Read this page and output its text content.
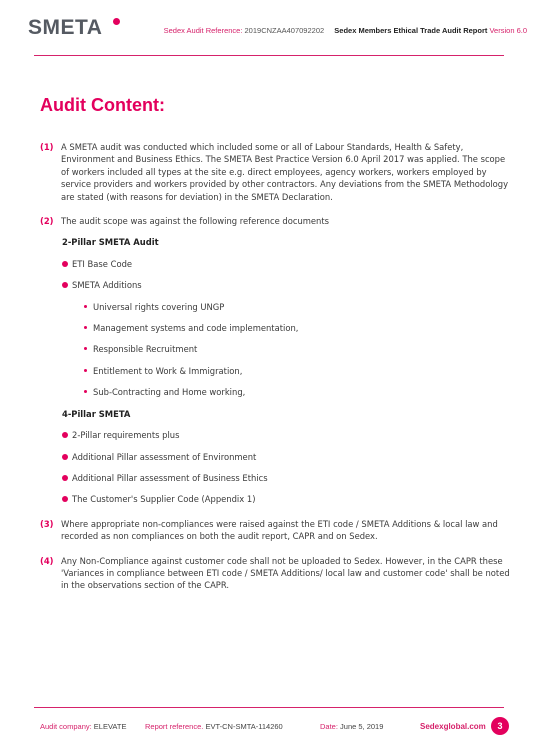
SMETA	Sedex Audit Reference: 2019CNZAA407092202 Sedex Members Ethical Trade Audit Report Version 6.0
Audit Content:
(1) A SMETA audit was conducted which included some or all of Labour Standards, Health & Safety, Environment and Business Ethics. The SMETA Best Practice Version 6.0 April 2017 was applied. The scope of workers included all types at the site e.g. direct employees, agency workers, workers employed by service providers and workers provided by other contractors. Any deviations from the SMETA Methodology are stated (with reasons for deviation) in the SMETA Declaration.
(2) The audit scope was against the following reference documents
2-Pillar SMETA Audit
ETI Base Code
SMETA Additions
Universal rights covering UNGP
Management systems and code implementation,
Responsible Recruitment
Entitlement to Work & Immigration,
Sub-Contracting and Home working,
4-Pillar SMETA
2-Pillar requirements plus
Additional Pillar assessment of Environment
Additional Pillar assessment of Business Ethics
The Customer's Supplier Code (Appendix 1)
(3) Where appropriate non-compliances were raised against the ETI code / SMETA Additions & local law and recorded as non compliances on both the audit report, CAPR and on Sedex.
(4) Any Non-Compliance against customer code shall not be uploaded to Sedex. However, in the CAPR these 'Variances in compliance between ETI code / SMETA Additions/ local law and customer code' shall be noted in the observations section of the CAPR.
Audit company: ELEVATE Report reference. EVT-CN-SMTA-114260	Date: June 5, 2019	Sedexglobal.com	3
